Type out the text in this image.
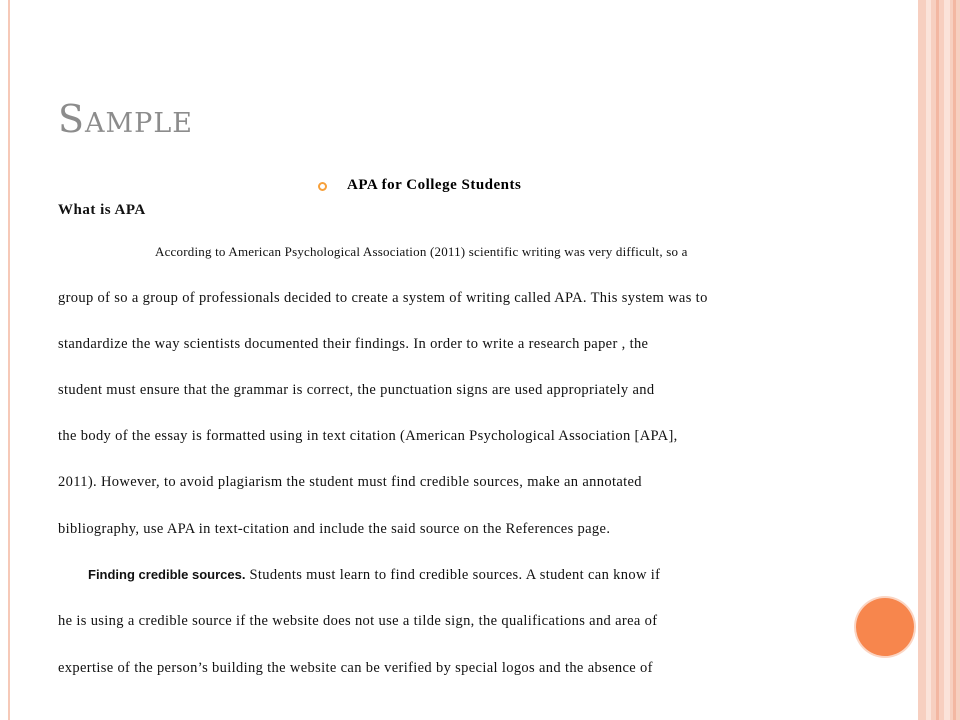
Sample
APA for College Students
What is APA
According to American Psychological Association (2011) scientific writing was very difficult, so a
group of so a group of professionals decided to create a system of writing called APA. This system was to
standardize the way scientists documented their findings. In order to write a research paper , the
student must ensure that the grammar is correct, the punctuation signs are used appropriately and
the body of the essay is formatted using in text citation (American Psychological Association [APA],
2011). However, to avoid plagiarism the student must find credible sources, make an annotated
bibliography, use APA in text-citation and include the said source on the References page.
Finding credible sources. Students must learn to find credible sources. A student can know if
he is using a credible source if the website does not use a tilde sign, the qualifications and area of
expertise of the person’s building the website can be verified by special logos and the absence of
